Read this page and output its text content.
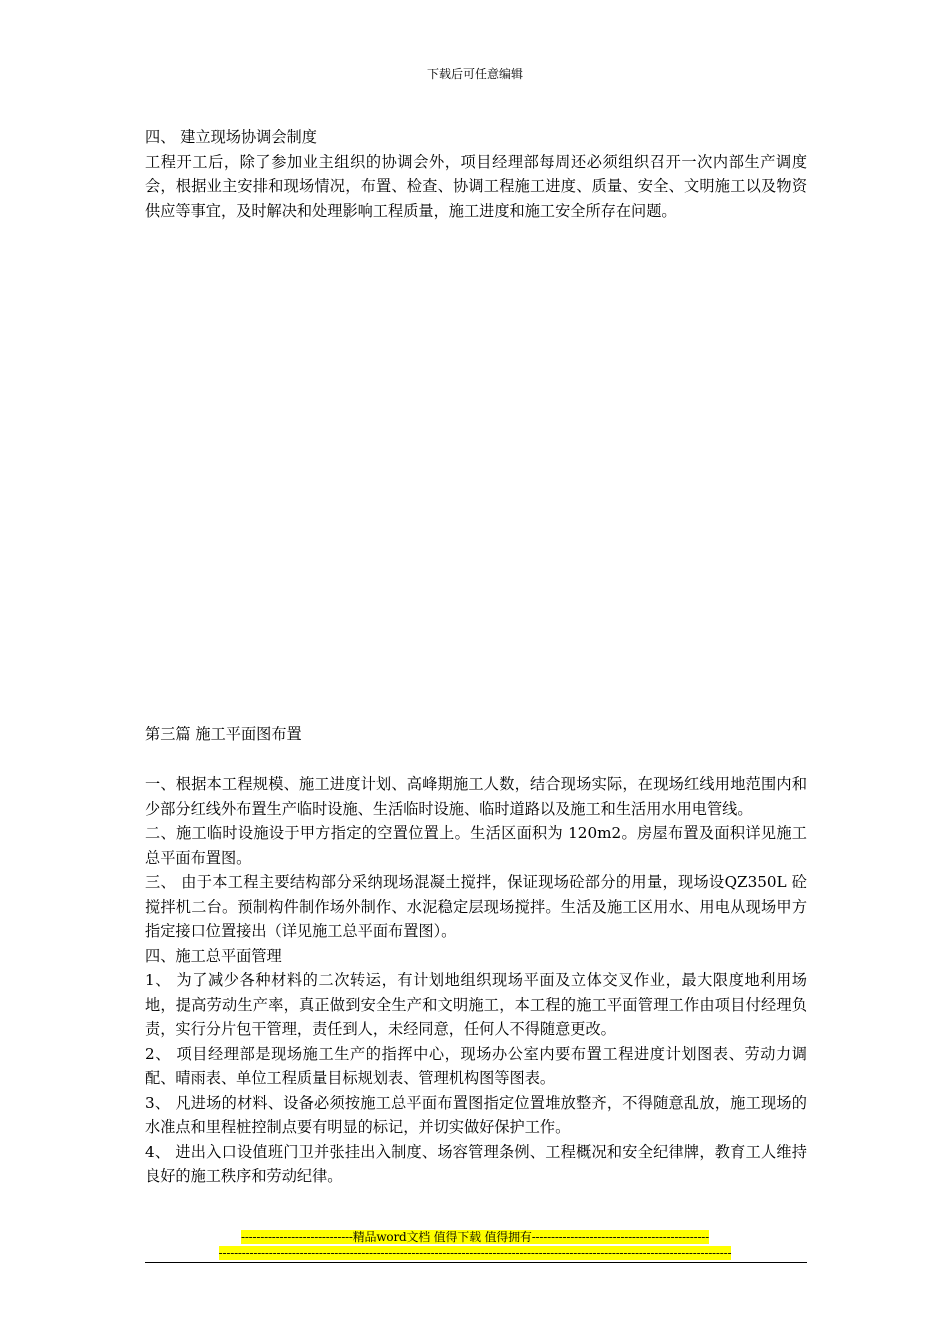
下载后可任意编辑

四、 建立现场协调会制度

工程开工后，除了参加业主组织的协调会外，项目经理部每周还必须组织召开一次内部生产调度会，根据业主安排和现场情况，布置、检查、协调工程施工进度、质量、安全、文明施工以及物资供应等事宜，及时解决和处理影响工程质量，施工进度和施工安全所存在问题。

第三篇 施工平面图布置

一、根据本工程规模、施工进度计划、高峰期施工人数，结合现场实际，在现场红线用地范围内和少部分红线外布置生产临时设施、生活临时设施、临时道路以及施工和生活用水用电管线。

二、施工临时设施设于甲方指定的空置位置上。生活区面积为 120m2。房屋布置及面积详见施工总平面布置图。

三、 由于本工程主要结构部分采纳现场混凝土搅拌，保证现场砼部分的用量，现场设QZ350L 砼搅拌机二台。预制构件制作场外制作、水泥稳定层现场搅拌。生活及施工区用水、用电从现场甲方指定接口位置接出（详见施工总平面布置图）。

四、施工总平面管理

1、 为了减少各种材料的二次转运，有计划地组织现场平面及立体交叉作业，最大限度地利用场地，提高劳动生产率，真正做到安全生产和文明施工，本工程的施工平面管理工作由项目付经理负责，实行分片包干管理，责任到人，未经同意，任何人不得随意更改。

2、 项目经理部是现场施工生产的指挥中心，现场办公室内要布置工程进度计划图表、劳动力调配、晴雨表、单位工程质量目标规划表、管理机构图等图表。

3、 凡进场的材料、设备必须按施工总平面布置图指定位置堆放整齐，不得随意乱放，施工现场的水准点和里程桩控制点要有明显的标记，并切实做好保护工作。

4、 进出入口设值班门卫并张挂出入制度、场容管理条例、工程概况和安全纪律牌，教育工人维持良好的施工秩序和劳动纪律。

-----------------------------精品word文档 值得下载 值得拥有----------------------------------------------
-------------------------------------------------------------------------------------------------------------------------------------
